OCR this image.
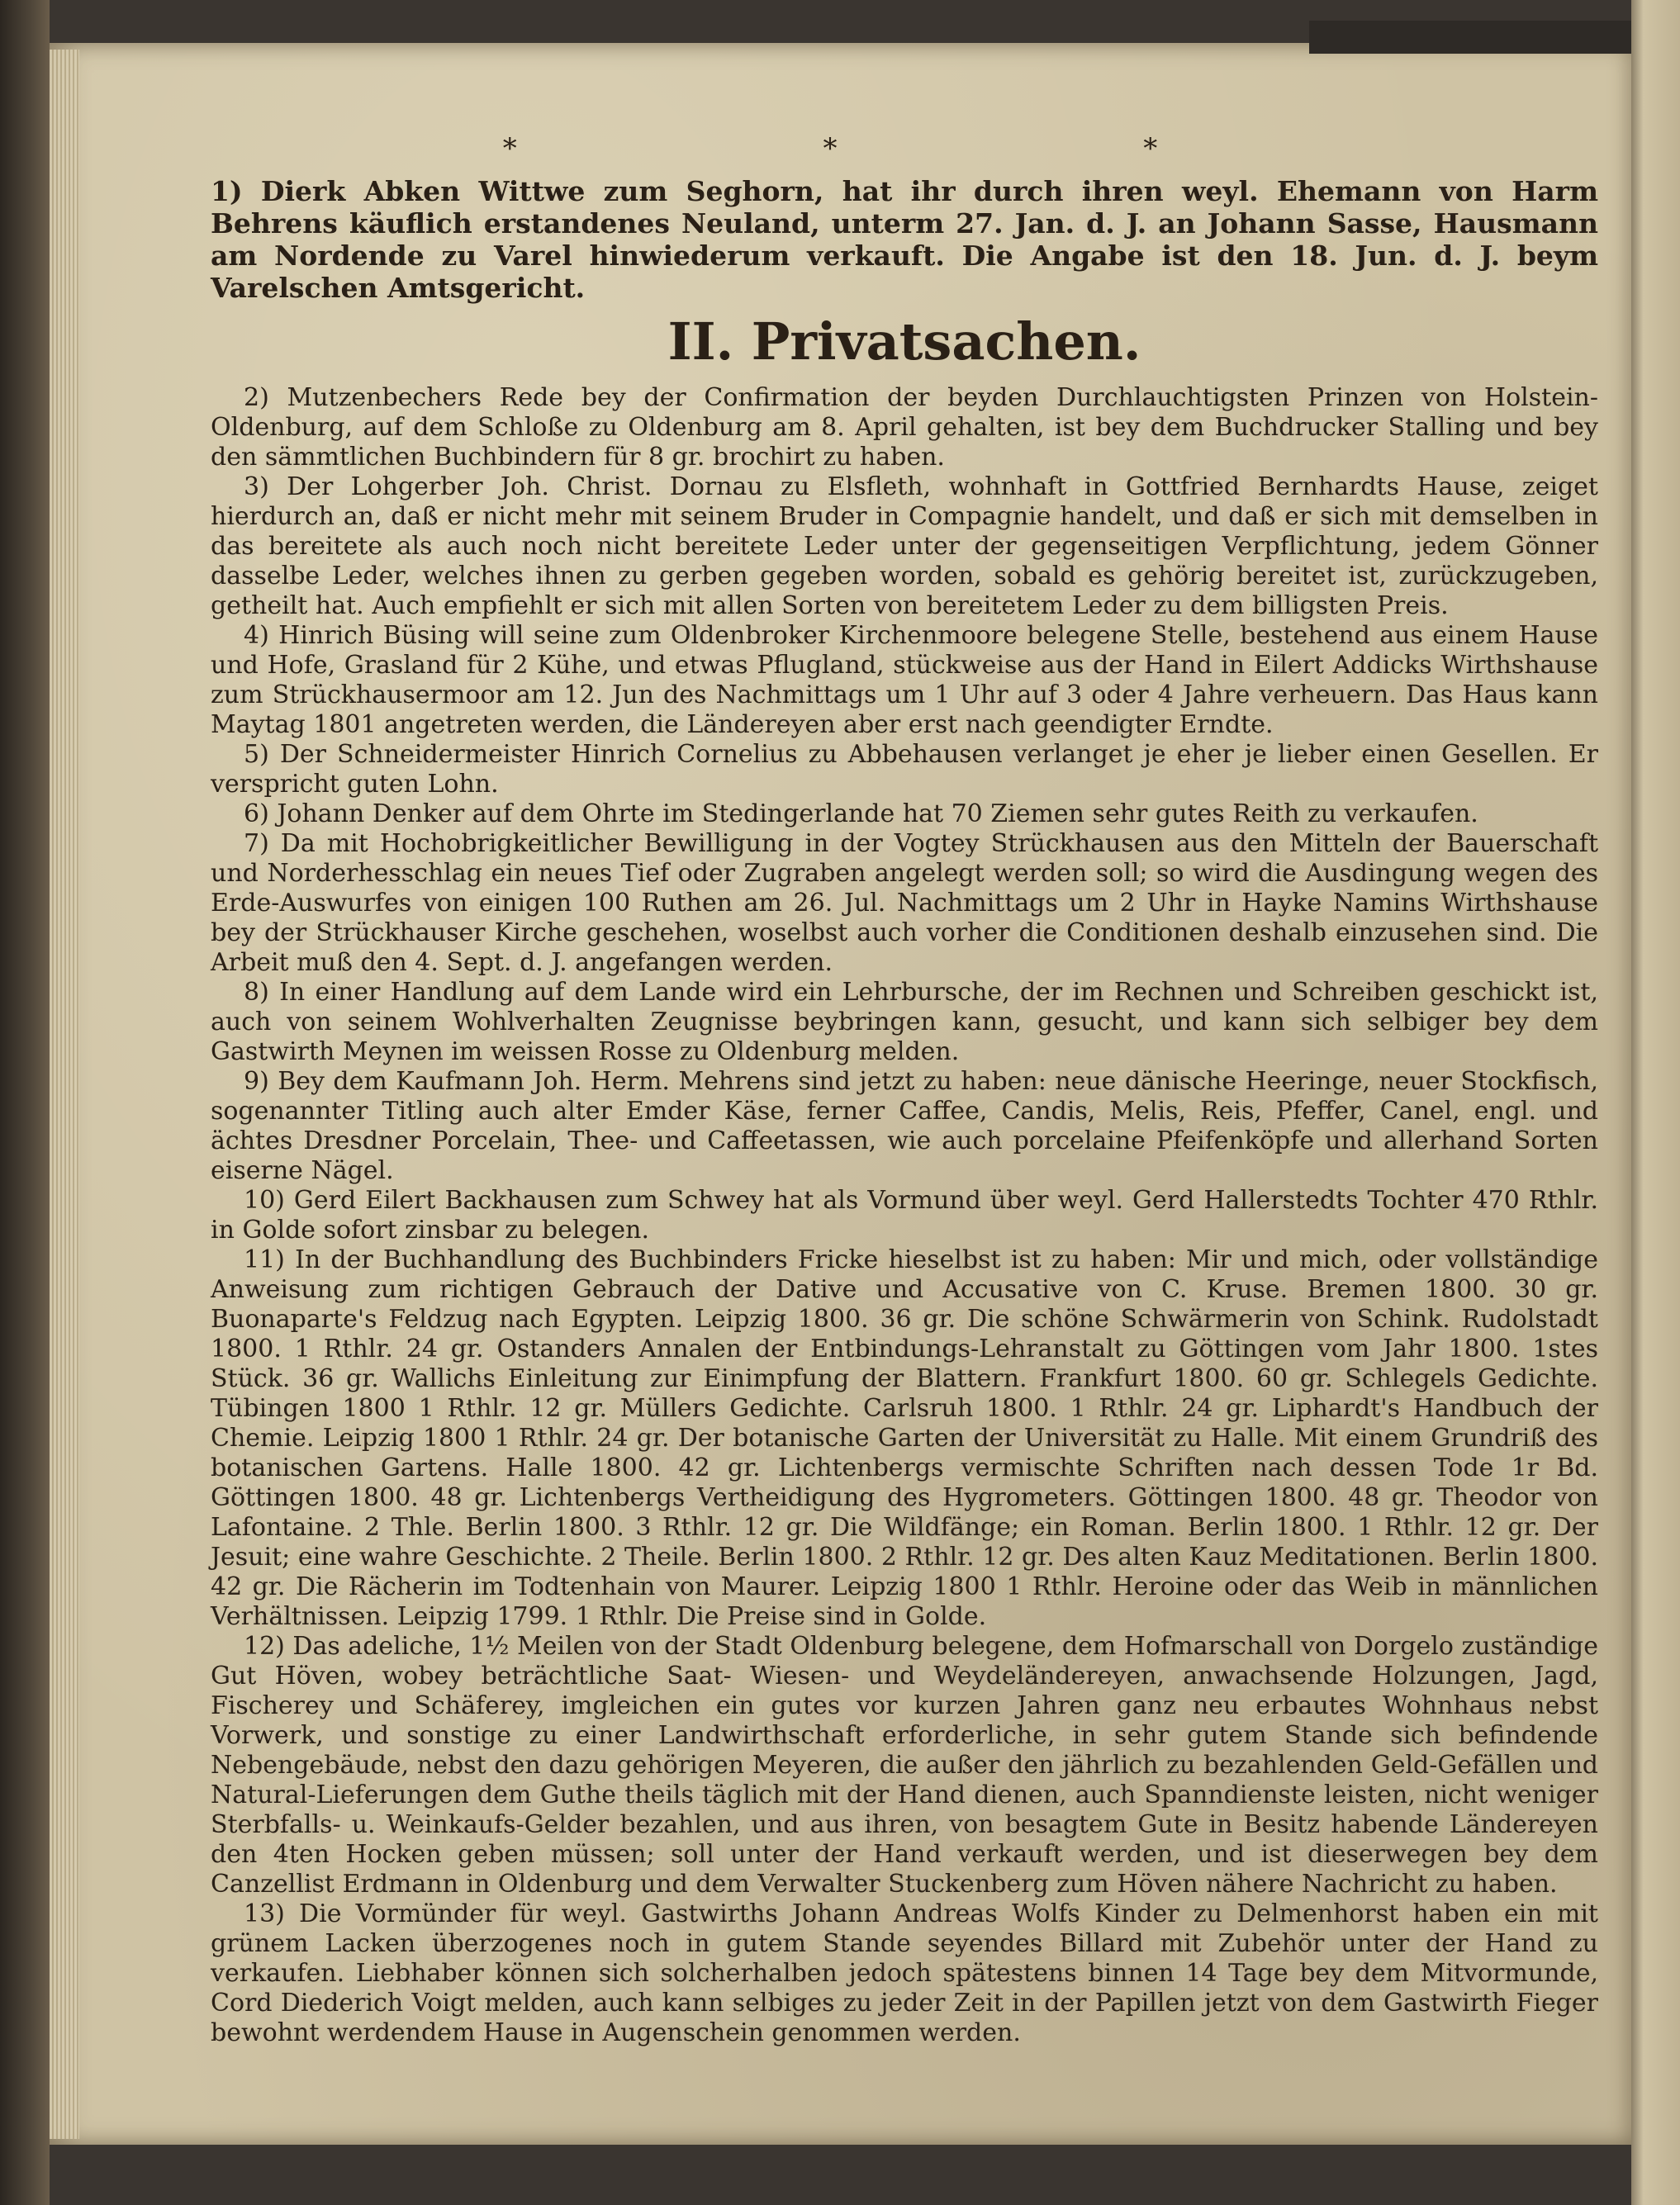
* * *

1) Dierk Abken Wittwe zum Seghorn, hat ihr durch ihren weyl. Ehemann von Harm Behrens käuflich erstandenes Neuland, unterm 27. Jan. d. J. an Johann Sasse, Hausmann am Nordende zu Varel hinwiederum verkauft. Die Angabe ist den 18. Jun. d. J. beym Varelschen Amtsgericht.

II. Privatsachen.

2) Mutzenbechers Rede bey der Confirmation der beyden Durchlauchtigsten Prinzen von Holstein-Oldenburg, auf dem Schloße zu Oldenburg am 8. April gehalten, ist bey dem Buchdrucker Stalling und bey den sämmtlichen Buchbindern für 8 gr. brochirt zu haben.

3) Der Lohgerber Joh. Christ. Dornau zu Elsfleth, wohnhaft in Gottfried Bernhardts Hause, zeiget hierdurch an, daß er nicht mehr mit seinem Bruder in Compagnie handelt, und daß er sich mit demselben in das bereitete als auch noch nicht bereitete Leder unter der gegenseitigen Verpflichtung, jedem Gönner dasselbe Leder, welches ihnen zu gerben gegeben worden, sobald es gehörig bereitet ist, zurückzugeben, getheilt hat. Auch empfiehlt er sich mit allen Sorten von bereitetem Leder zu dem billigsten Preis.

4) Hinrich Büsing will seine zum Oldenbroker Kirchenmoore belegene Stelle, bestehend aus einem Hause und Hofe, Grasland für 2 Kühe, und etwas Pflugland, stückweise aus der Hand in Eilert Addicks Wirthshause zum Strückhausermoor am 12. Jun des Nachmittags um 1 Uhr auf 3 oder 4 Jahre verheuern. Das Haus kann Maytag 1801 angetreten werden, die Ländereyen aber erst nach geendigter Erndte.

5) Der Schneidermeister Hinrich Cornelius zu Abbehausen verlanget je eher je lieber einen Gesellen. Er verspricht guten Lohn.

6) Johann Denker auf dem Ohrte im Stedingerlande hat 70 Ziemen sehr gutes Reith zu verkaufen.

7) Da mit Hochobrigkeitlicher Bewilligung in der Vogtey Strückhausen aus den Mitteln der Bauerschaft und Norderhesschlag ein neues Tief oder Zugraben angelegt werden soll; so wird die Ausdingung wegen des Erde-Auswurfes von einigen 100 Ruthen am 26. Jul. Nachmittags um 2 Uhr in Hayke Namins Wirthshause bey der Strückhauser Kirche geschehen, woselbst auch vorher die Conditionen deshalb einzusehen sind. Die Arbeit muß den 4. Sept. d. J. angefangen werden.

8) In einer Handlung auf dem Lande wird ein Lehrbursche, der im Rechnen und Schreiben geschickt ist, auch von seinem Wohlverhalten Zeugnisse beybringen kann, gesucht, und kann sich selbiger bey dem Gastwirth Meynen im weissen Rosse zu Oldenburg melden.

9) Bey dem Kaufmann Joh. Herm. Mehrens sind jetzt zu haben: neue dänische Heeringe, neuer Stockfisch, sogenannter Titling auch alter Emder Käse, ferner Caffee, Candis, Melis, Reis, Pfeffer, Canel, engl. und ächtes Dresdner Porcelain, Thee- und Caffeetassen, wie auch porcelaine Pfeifenköpfe und allerhand Sorten eiserne Nägel.

10) Gerd Eilert Backhausen zum Schwey hat als Vormund über weyl. Gerd Hallerstedts Tochter 470 Rthlr. in Golde sofort zinsbar zu belegen.

11) In der Buchhandlung des Buchbinders Fricke hieselbst ist zu haben: Mir und mich, oder vollständige Anweisung zum richtigen Gebrauch der Dative und Accusative von C. Kruse. Bremen 1800. 30 gr. Buonaparte's Feldzug nach Egypten. Leipzig 1800. 36 gr. Die schöne Schwärmerin von Schink. Rudolstadt 1800. 1 Rthlr. 24 gr. Ostanders Annalen der Entbindungs-Lehranstalt zu Göttingen vom Jahr 1800. 1stes Stück. 36 gr. Wallichs Einleitung zur Einimpfung der Blattern. Frankfurt 1800. 60 gr. Schlegels Gedichte. Tübingen 1800 1 Rthlr. 12 gr. Müllers Gedichte. Carlsruh 1800. 1 Rthlr. 24 gr. Liphardt's Handbuch der Chemie. Leipzig 1800 1 Rthlr. 24 gr. Der botanische Garten der Universität zu Halle. Mit einem Grundriß des botanischen Gartens. Halle 1800. 42 gr. Lichtenbergs vermischte Schriften nach dessen Tode 1r Bd. Göttingen 1800. 48 gr. Lichtenbergs Vertheidigung des Hygrometers. Göttingen 1800. 48 gr. Theodor von Lafontaine. 2 Thle. Berlin 1800. 3 Rthlr. 12 gr. Die Wildfänge; ein Roman. Berlin 1800. 1 Rthlr. 12 gr. Der Jesuit; eine wahre Geschichte. 2 Theile. Berlin 1800. 2 Rthlr. 12 gr. Des alten Kauz Meditationen. Berlin 1800. 42 gr. Die Rächerin im Todtenhain von Maurer. Leipzig 1800 1 Rthlr. Heroine oder das Weib in männlichen Verhältnissen. Leipzig 1799. 1 Rthlr. Die Preise sind in Golde.

12) Das adeliche, 1½ Meilen von der Stadt Oldenburg belegene, dem Hofmarschall von Dorgelo zuständige Gut Höven, wobey beträchtliche Saat- Wiesen- und Weydeländereyen, anwachsende Holzungen, Jagd, Fischerey und Schäferey, imgleichen ein gutes vor kurzen Jahren ganz neu erbautes Wohnhaus nebst Vorwerk, und sonstige zu einer Landwirthschaft erforderliche, in sehr gutem Stande sich befindende Nebengebäude, nebst den dazu gehörigen Meyeren, die außer den jährlich zu bezahlenden Geld-Gefällen und Natural-Lieferungen dem Guthe theils täglich mit der Hand dienen, auch Spanndienste leisten, nicht weniger Sterbfalls- u. Weinkaufs-Gelder bezahlen, und aus ihren, von besagtem Gute in Besitz habende Ländereyen den 4ten Hocken geben müssen; soll unter der Hand verkauft werden, und ist dieserwegen bey dem Canzellist Erdmann in Oldenburg und dem Verwalter Stuckenberg zum Höven nähere Nachricht zu haben.

13) Die Vormünder für weyl. Gastwirths Johann Andreas Wolfs Kinder zu Delmenhorst haben ein mit grünem Lacken überzogenes noch in gutem Stande seyendes Billard mit Zubehör unter der Hand zu verkaufen. Liebhaber können sich solcherhalben jedoch spätestens binnen 14 Tage bey dem Mitvormunde, Cord Diederich Voigt melden, auch kann selbiges zu jeder Zeit in der Papillen jetzt von dem Gastwirth Fieger bewohnt werdendem Hause in Augenschein genommen werden.
